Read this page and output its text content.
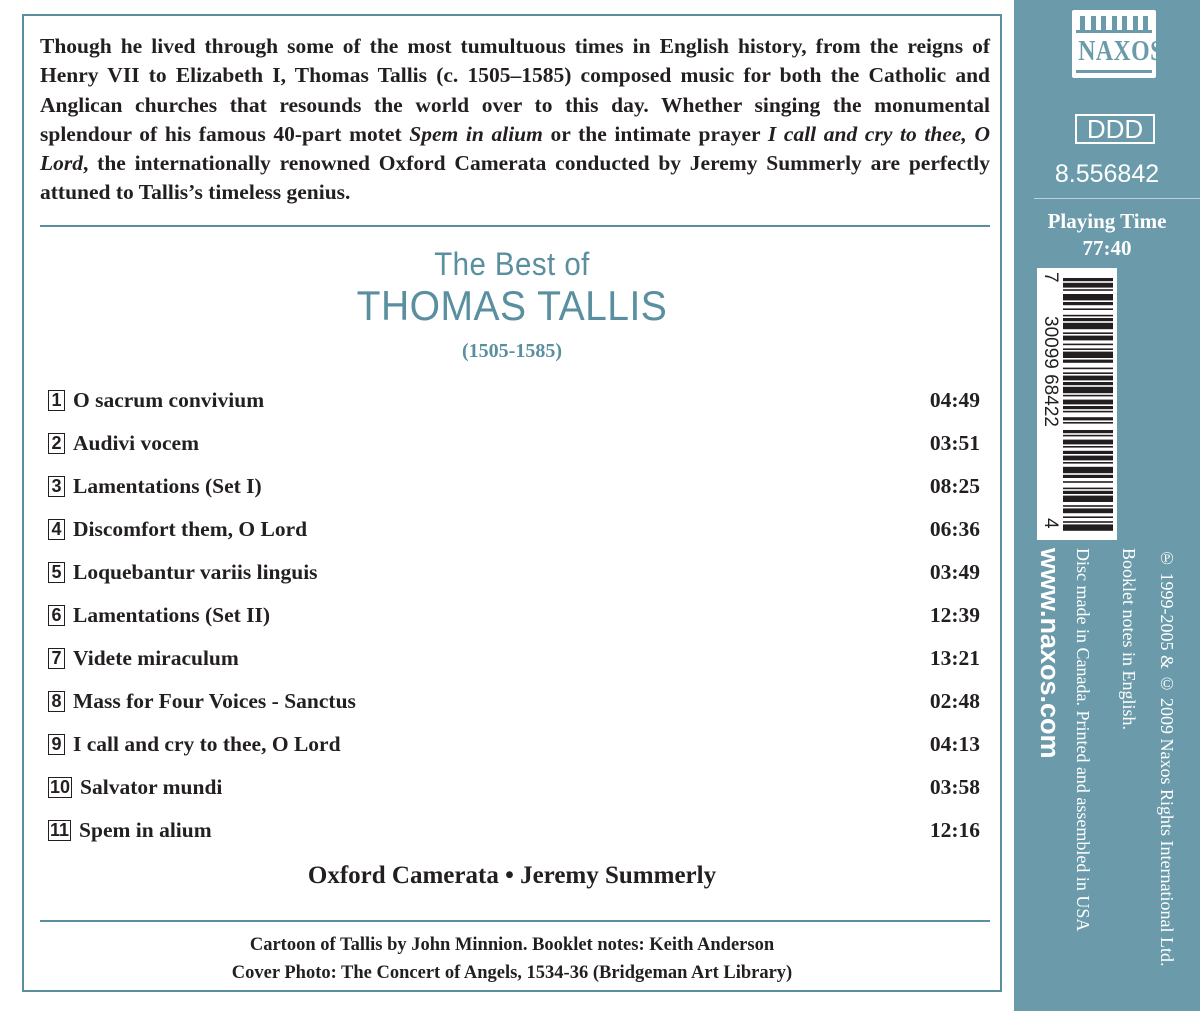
Though he lived through some of the most tumultuous times in English history, from the reigns of Henry VII to Elizabeth I, Thomas Tallis (c. 1505–1585) composed music for both the Catholic and Anglican churches that resounds the world over to this day. Whether singing the monumental splendour of his famous 40-part motet Spem in alium or the intimate prayer I call and cry to thee, O Lord, the internationally renowned Oxford Camerata conducted by Jeremy Summerly are perfectly attuned to Tallis’s timeless genius.
The Best of
THOMAS TALLIS
(1505-1585)
1 O sacrum convivium	04:49
2 Audivi vocem	03:51
3 Lamentations (Set I)	08:25
4 Discomfort them, O Lord	06:36
5 Loquebantur variis linguis	03:49
6 Lamentations (Set II)	12:39
7 Videte miraculum	13:21
8 Mass for Four Voices - Sanctus	02:48
9 I call and cry to thee, O Lord	04:13
10 Salvator mundi	03:58
11 Spem in alium	12:16
Oxford Camerata • Jeremy Summerly
Cartoon of Tallis by John Minnion. Booklet notes: Keith Anderson
Cover Photo: The Concert of Angels, 1534-36 (Bridgeman Art Library)
NAXOS
DDD
8.556842
Playing Time
77:40
7
30099 68422
4
www.naxos.com Disc made in Canada. Printed and assembled in USA Booklet notes in English. ℗ 1999-2005 & © 2009 Naxos Rights International Ltd.
